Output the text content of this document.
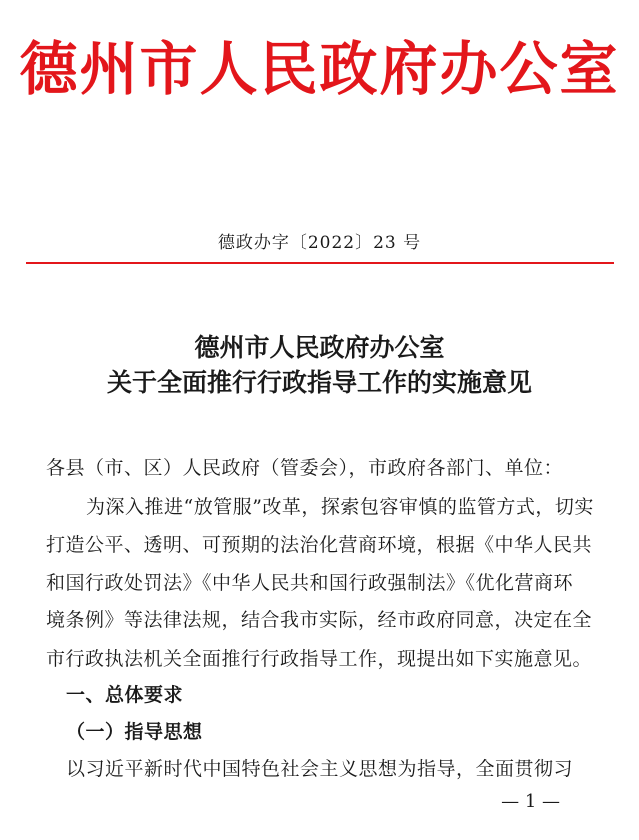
德州市人民政府办公室
德政办字〔2022〕23 号
德州市人民政府办公室
关于全面推行行政指导工作的实施意见
各县（市、区）人民政府（管委会），市政府各部门、单位：
为深入推进“放管服”改革，探索包容审慎的监管方式，切实
打造公平、透明、可预期的法治化营商环境，根据《中华人民共
和国行政处罚法》《中华人民共和国行政强制法》《优化营商环
境条例》等法律法规，结合我市实际，经市政府同意，决定在全
市行政执法机关全面推行行政指导工作，现提出如下实施意见。
一、总体要求
（一）指导思想
以习近平新时代中国特色社会主义思想为指导，全面贯彻习
— 1 —
